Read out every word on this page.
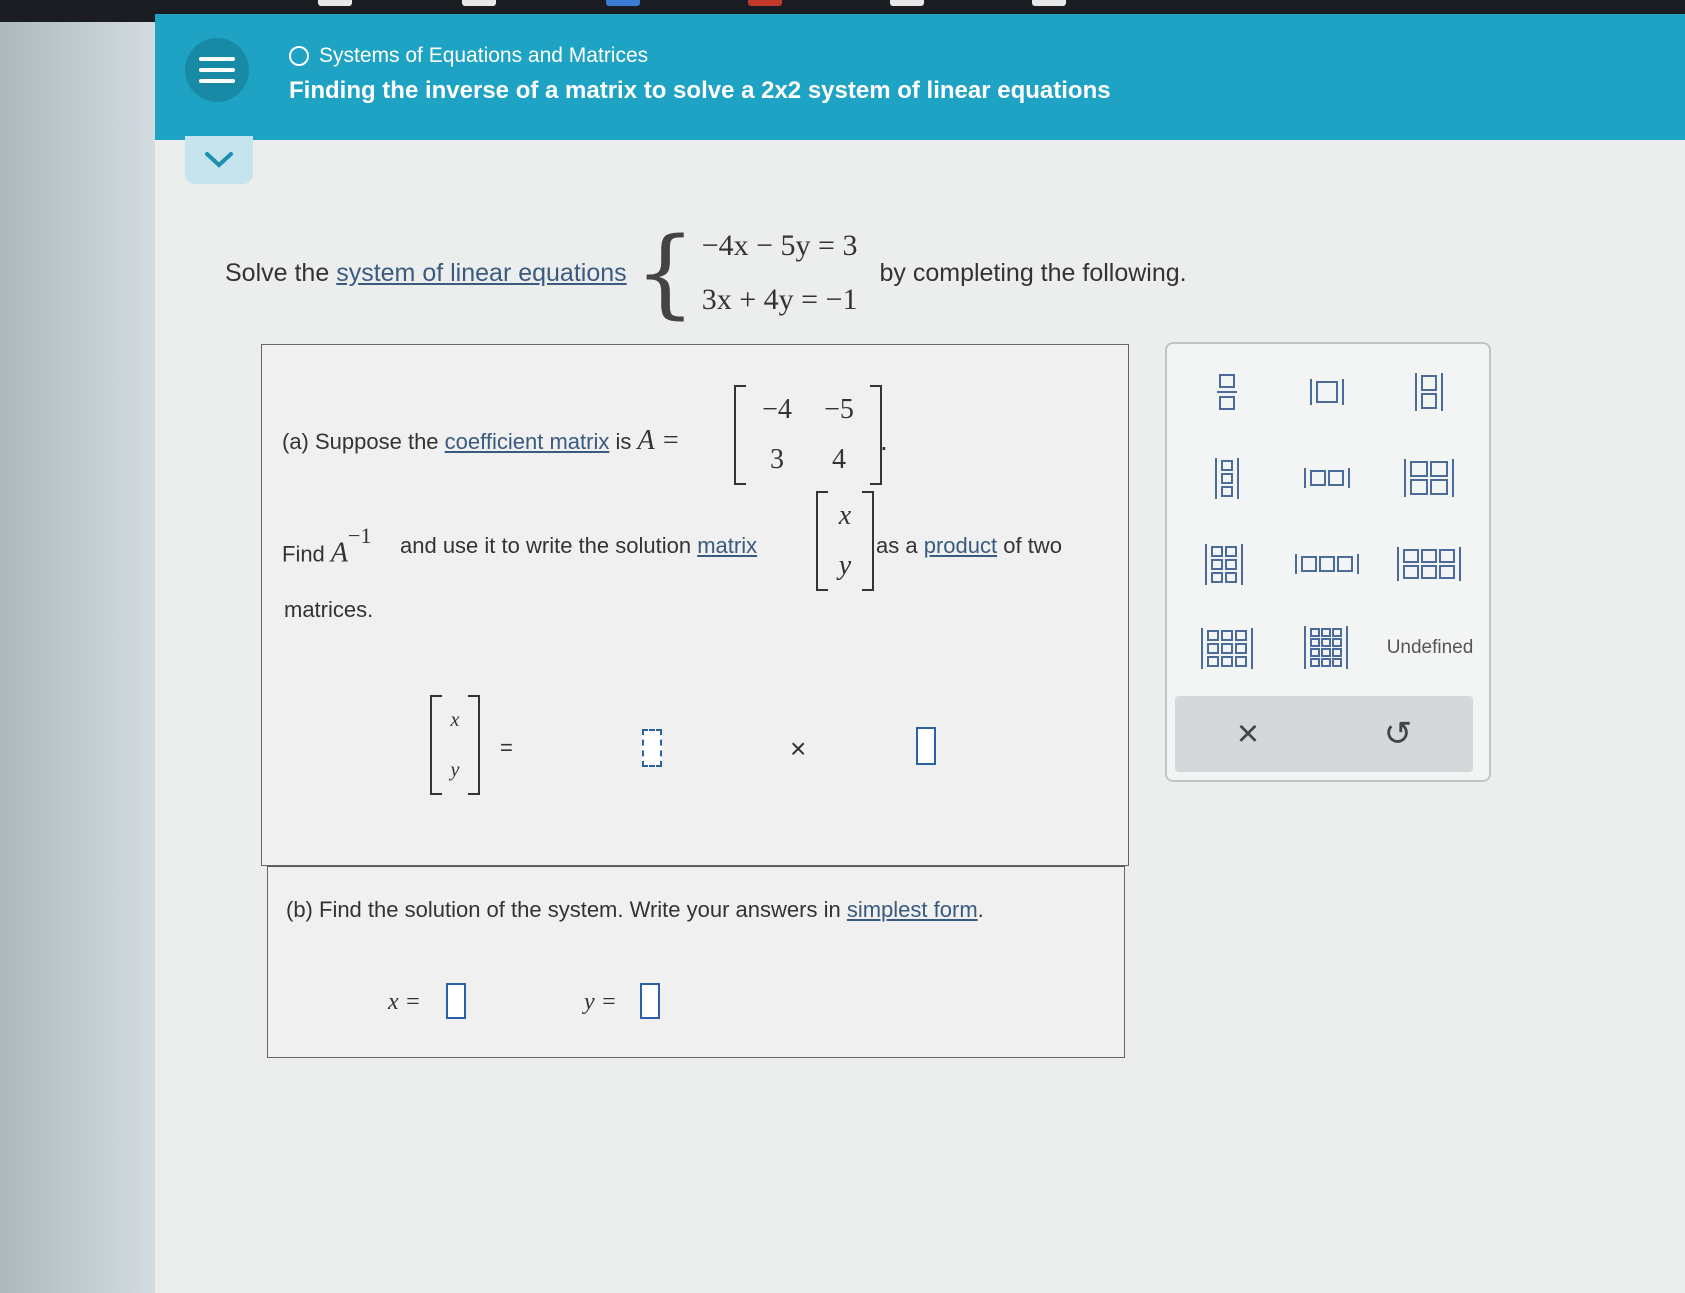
Systems of Equations and Matrices
Finding the inverse of a matrix to solve a 2x2 system of linear equations
Solve the
system of linear equations { −4x − 5y = 3
3x + 4y = −1
by completing the following.
(a) Suppose the coefficient matrix is A =
−4	−5
3	4
.
Find $A^{-1}$ and use it to write the solution matrix
x
y
as a product of two
matrices.
x
y
=	×
(b) Find the solution of the system. Write your answers in simplest form.
x =	y =
Undefined
×	↺
